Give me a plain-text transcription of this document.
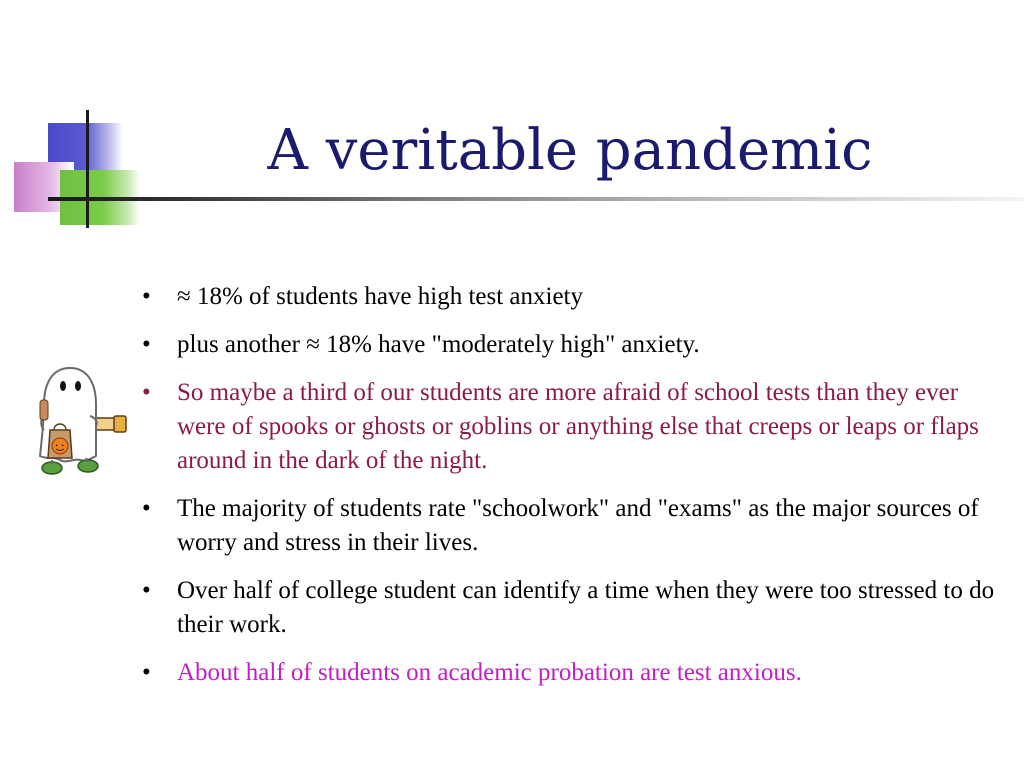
A veritable pandemic
• ≈ 18% of students have high test anxiety
• plus another ≈ 18% have "moderately high" anxiety.
• So maybe a third of our students are more afraid of school tests than they ever were of spooks or ghosts or goblins or anything else that creeps or leaps or flaps around in the dark of the night.
• The majority of students rate "schoolwork" and "exams" as the major sources of worry and stress in their lives.
• Over half of college student can identify a time when they were too stressed to do their work.
• About half of students on academic probation are test anxious.
